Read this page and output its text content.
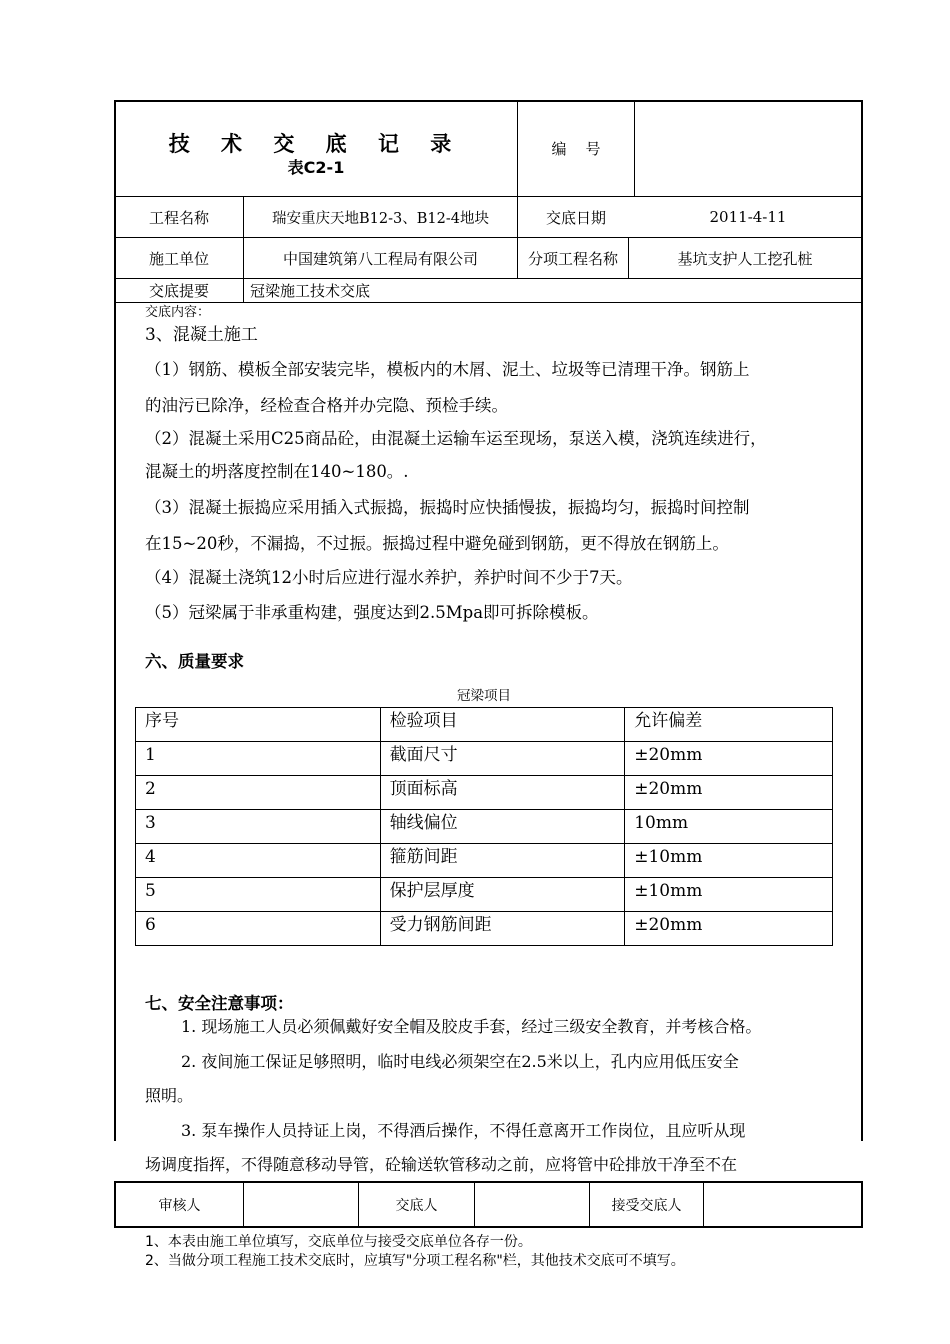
技 术 交 底 记 录
表C2-1
编    号
工程名称	瑞安重庆天地B12-3、B12-4地块	交底日期	2011-4-11
施工单位	中国建筑第八工程局有限公司	分项工程名称	基坑支护人工挖孔桩
交底提要	冠梁施工技术交底
交底内容：
3、混凝土施工
（1）钢筋、模板全部安装完毕，模板内的木屑、泥土、垃圾等已清理干净。钢筋上
的油污已除净，经检查合格并办完隐、预检手续。
（2）混凝土采用C25商品砼，由混凝土运输车运至现场，泵送入模，浇筑连续进行，
混凝土的坍落度控制在140~180。.
（3）混凝土振捣应采用插入式振捣，振捣时应快插慢拔，振捣均匀，振捣时间控制
在15~20秒，不漏捣，不过振。振捣过程中避免碰到钢筋，更不得放在钢筋上。
（4）混凝土浇筑12小时后应进行湿水养护，养护时间不少于7天。
（5）冠梁属于非承重构建，强度达到2.5Mpa即可拆除模板。
六、质量要求
冠梁项目
序号	检验项目	允许偏差
1	截面尺寸	±20mm
2	顶面标高	±20mm
3	轴线偏位	10mm
4	箍筋间距	±10mm
5	保护层厚度	±10mm
6	受力钢筋间距	±20mm
七、安全注意事项：
1. 现场施工人员必须佩戴好安全帽及胶皮手套，经过三级安全教育，并考核合格。
2. 夜间施工保证足够照明，临时电线必须架空在2.5米以上，孔内应用低压安全
照明。
3. 泵车操作人员持证上岗，不得酒后操作，不得任意离开工作岗位，且应听从现
场调度指挥，不得随意移动导管，砼输送软管移动之前，应将管中砼排放干净至不在
审核人	交底人	接受交底人
1、本表由施工单位填写，交底单位与接受交底单位各存一份。
2、当做分项工程施工技术交底时，应填写"分项工程名称"栏，其他技术交底可不填写。
